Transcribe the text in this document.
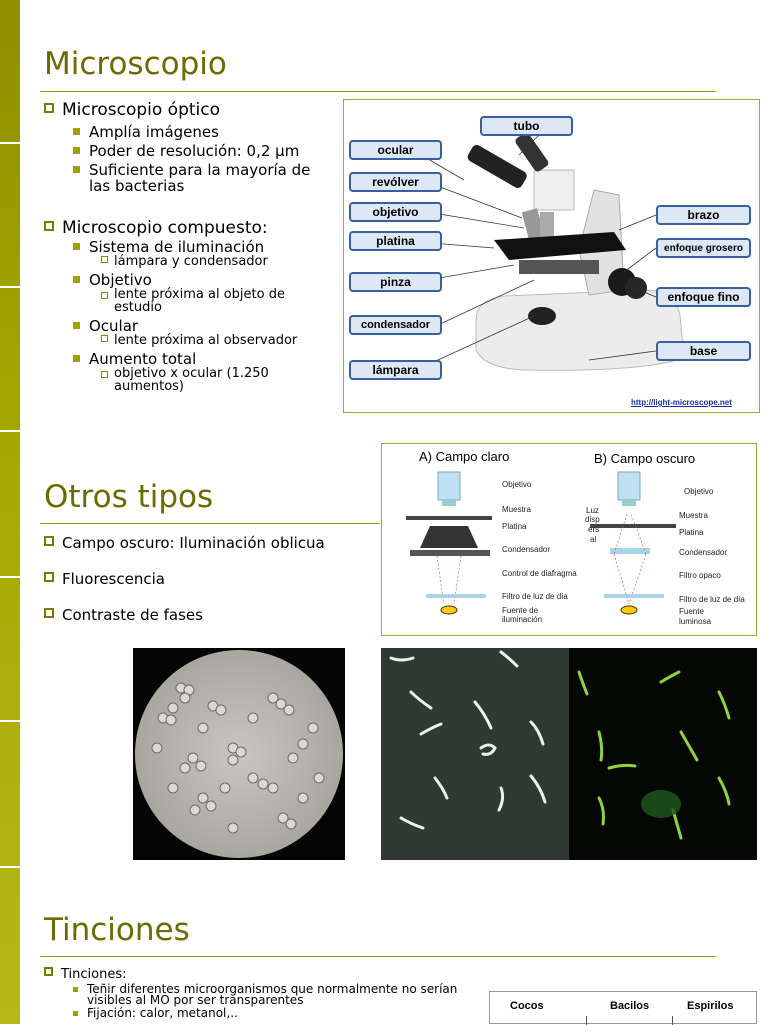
Microscopio
Microscopio óptico
Amplía imágenes
Poder de resolución: 0,2 μm
Suficiente para la mayoría de las bacterias
Microscopio compuesto:
Sistema de iluminación
lámpara y condensador
Objetivo
lente próxima al objeto de estudio
Ocular
lente próxima al observador
Aumento total
objetivo x ocular (1.250 aumentos)
ocular
revólver
objetivo
platina
pinza
condensador
lámpara
tubo
brazo
enfoque grosero
enfoque fino
base
http://light-microscope.net
Otros tipos
Campo oscuro: Iluminación oblicua
Fluorescencia
Contraste de fases
A) Campo claro	B) Campo oscuro
Objetivo
Muestra
Platina
Condensador
Control de diafragma
Filtro de luz de día
Fuente de
iluminación
Objetivo
Muestra
Platina
Condensador
Filtro opaco
Filtro de luz de día
Fuente
luminosa
Luz
disp
ers
al
Tinciones
Tinciones:
Teñir diferentes microorganismos que normalmente no serían visibles al MO por ser transparentes
Fijación: calor, metanol,..	Cocos	Bacilos	Espirilos
